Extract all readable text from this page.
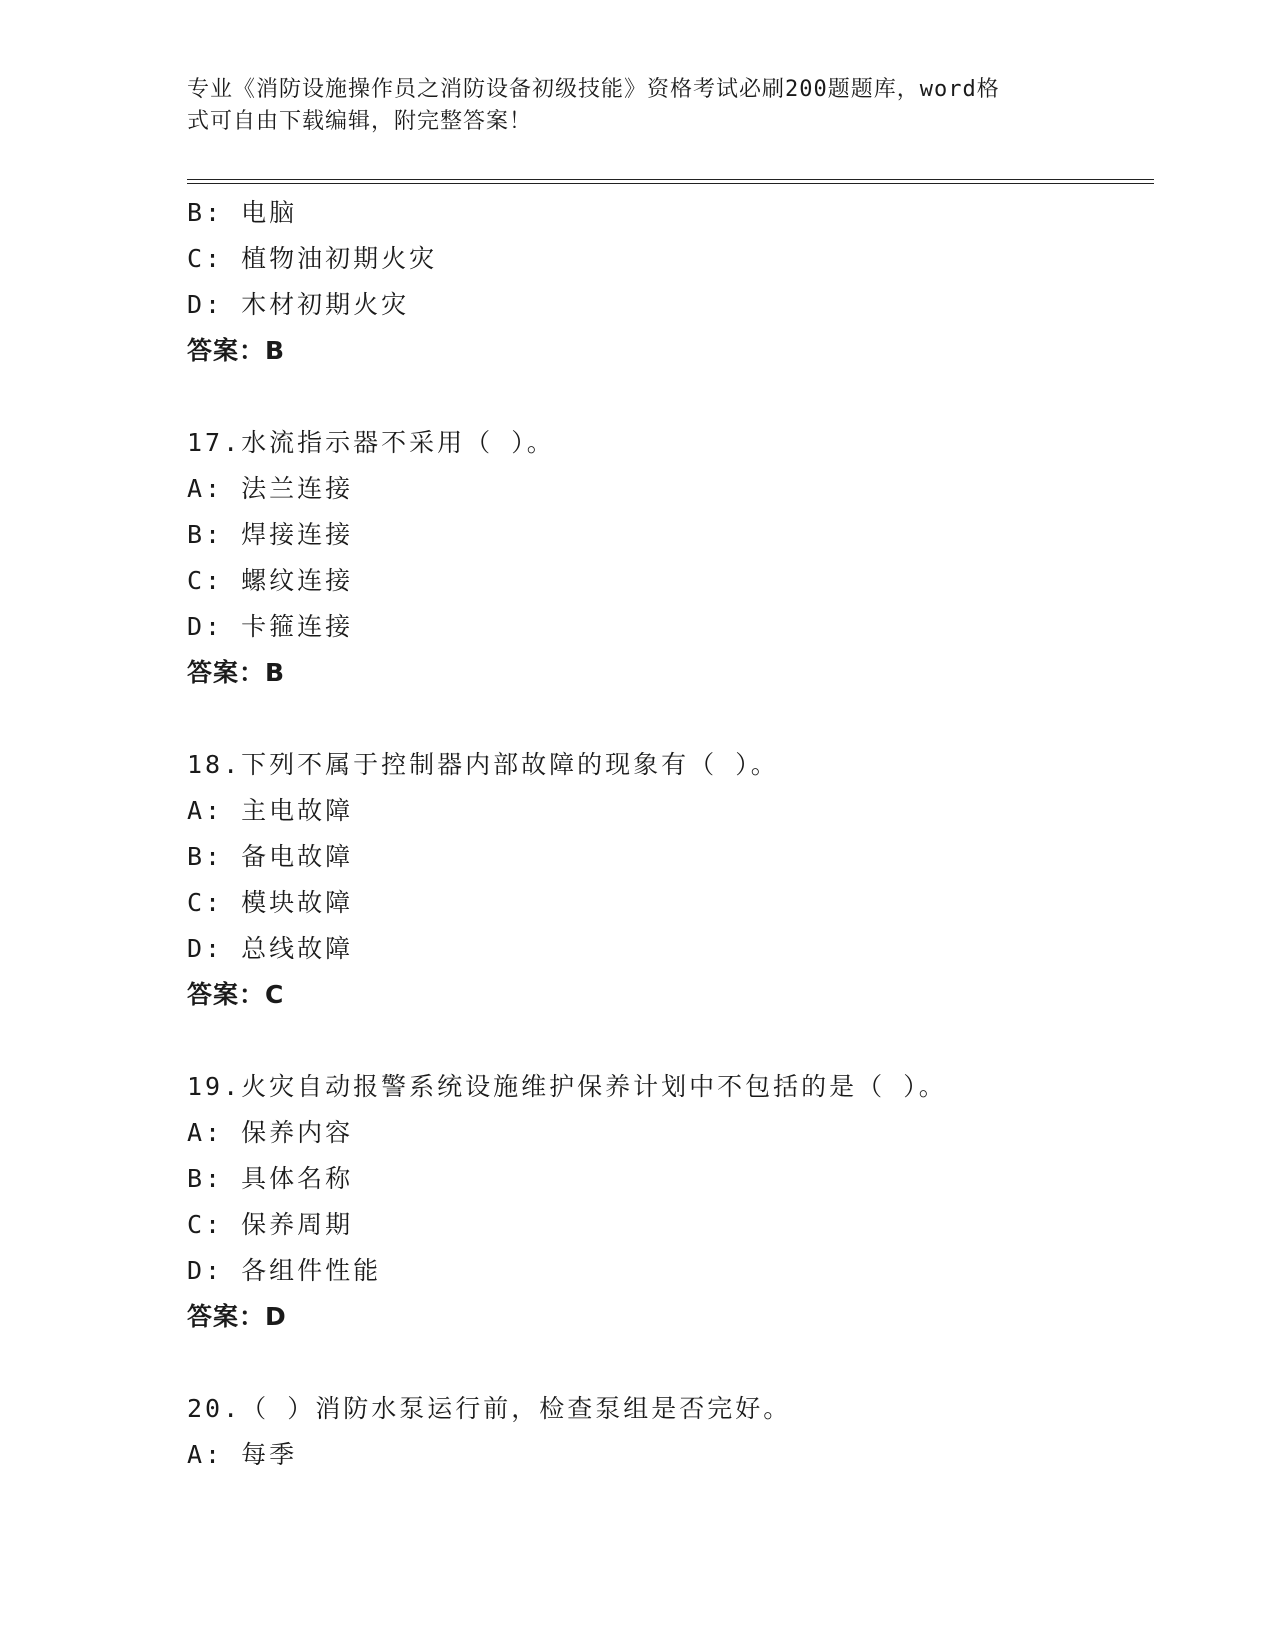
专业《消防设施操作员之消防设备初级技能》资格考试必刷200题题库，word格
式可自由下载编辑，附完整答案！
B: 电脑
C: 植物油初期火灾
D: 木材初期火灾
答案：B
17.水流指示器不采用（ ）。
A: 法兰连接
B: 焊接连接
C: 螺纹连接
D: 卡箍连接
答案：B
18.下列不属于控制器内部故障的现象有（ ）。
A: 主电故障
B: 备电故障
C: 模块故障
D: 总线故障
答案：C
19.火灾自动报警系统设施维护保养计划中不包括的是（ ）。
A: 保养内容
B: 具体名称
C: 保养周期
D: 各组件性能
答案：D
20.（ ）消防水泵运行前，检查泵组是否完好。
A: 每季
